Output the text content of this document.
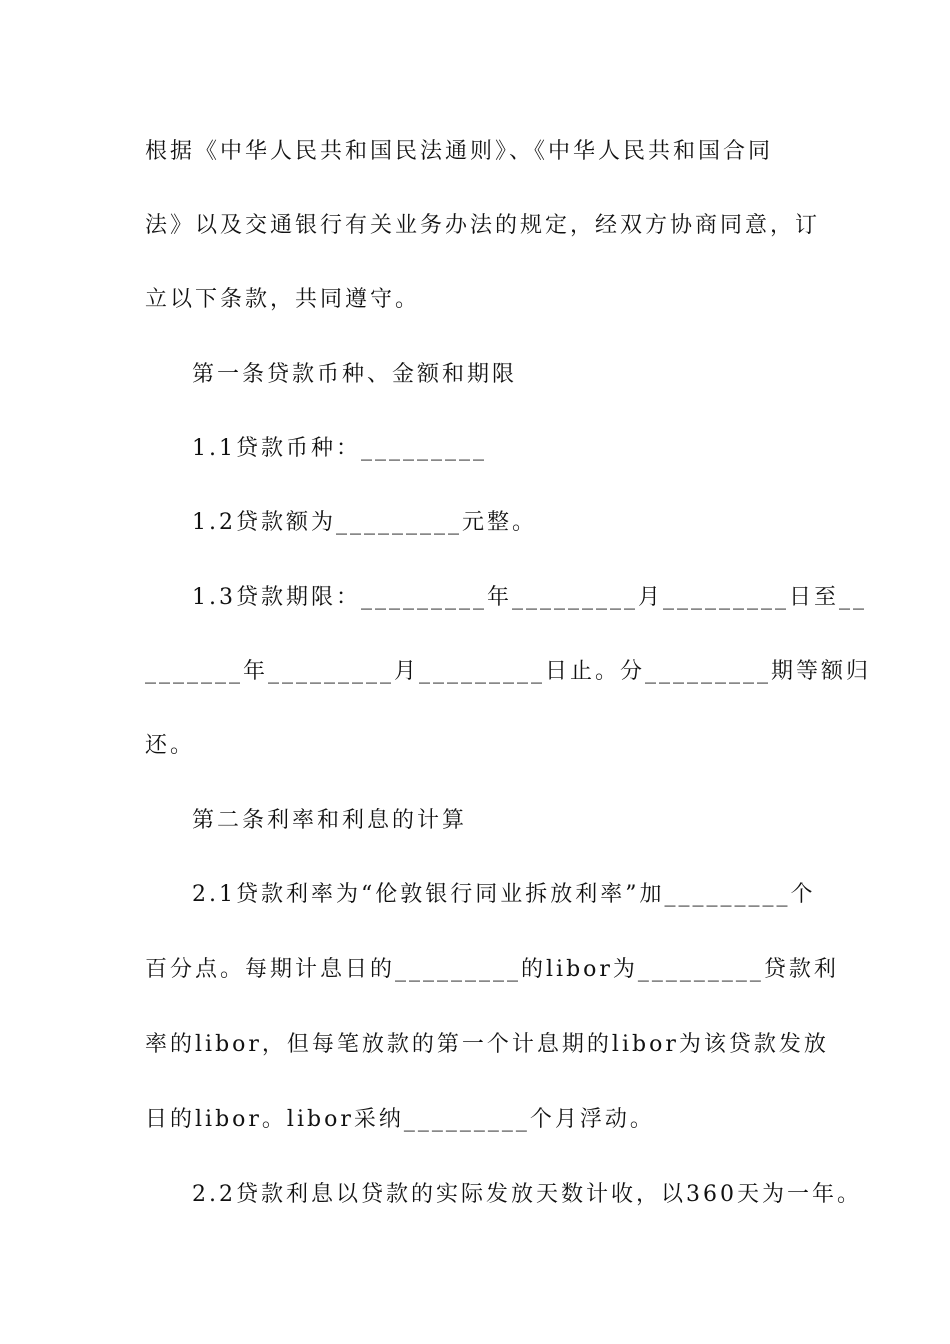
根据《中华人民共和国民法通则》、《中华人民共和国合同
法》以及交通银行有关业务办法的规定，经双方协商同意，订
立以下条款，共同遵守。
第一条贷款币种、金额和期限
1.1贷款币种：_________
1.2贷款额为_________元整。
1.3贷款期限：_________年_________月_________日至__
_______年_________月_________日止。分_________期等额归
还。
第二条利率和利息的计算
2.1贷款利率为“伦敦银行同业拆放利率”加_________个
百分点。每期计息日的_________的libor为_________贷款利
率的libor，但每笔放款的第一个计息期的libor为该贷款发放
日的libor。libor采纳_________个月浮动。
2.2贷款利息以贷款的实际发放天数计收，以360天为一年。
